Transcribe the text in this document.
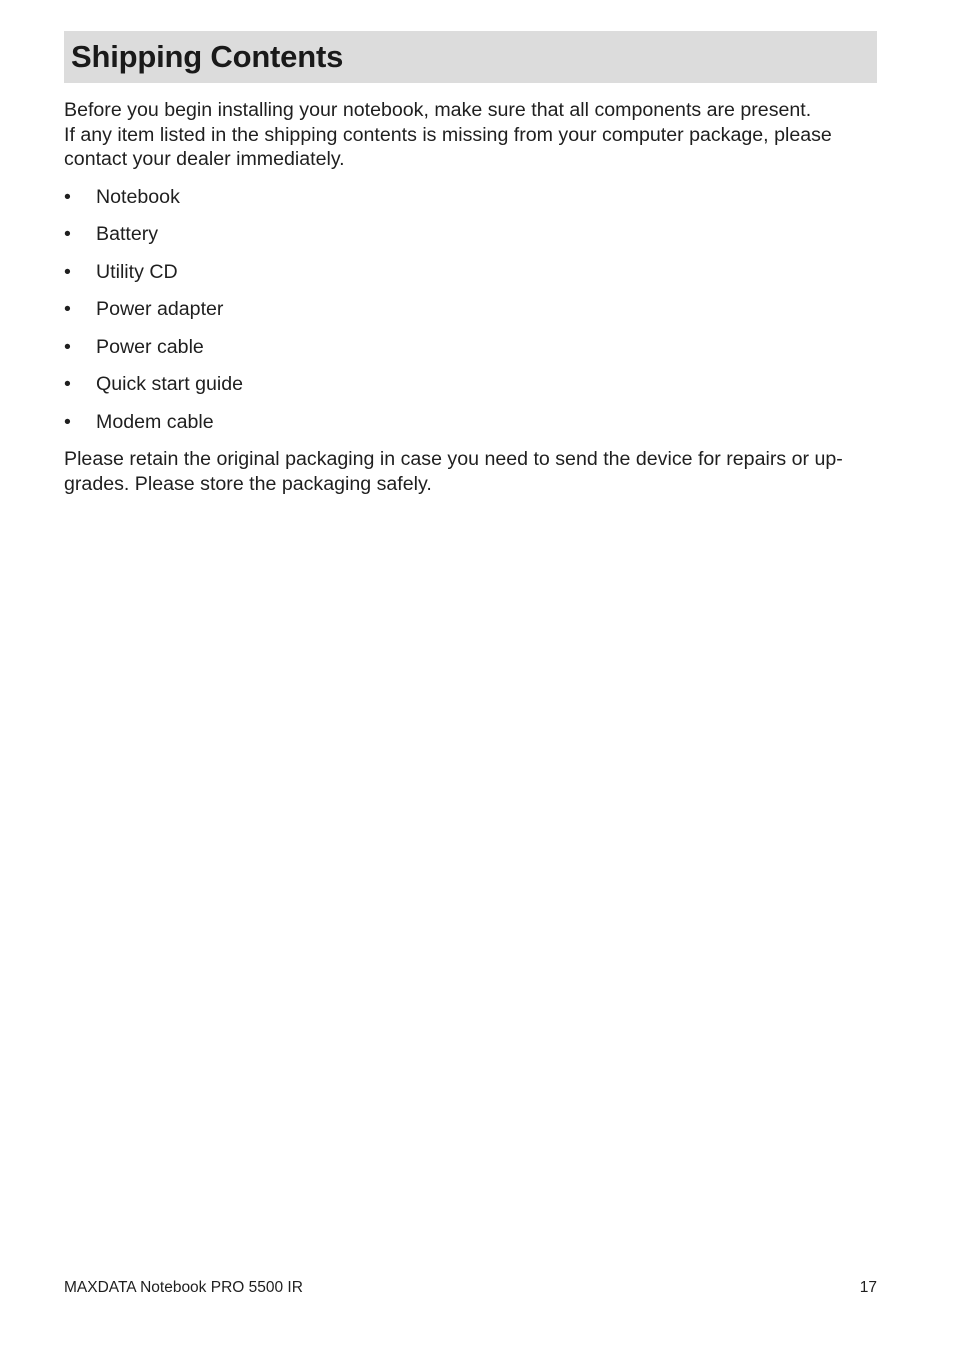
Shipping Contents

Before you begin installing your notebook, make sure that all components are present.
If any item listed in the shipping contents is missing from your computer package, please
contact your dealer immediately.

• Notebook
• Battery
• Utility CD
• Power adapter
• Power cable
• Quick start guide
• Modem cable

Please retain the original packaging in case you need to send the device for repairs or up-
grades. Please store the packaging safely.

MAXDATA Notebook PRO 5500 IR	17
